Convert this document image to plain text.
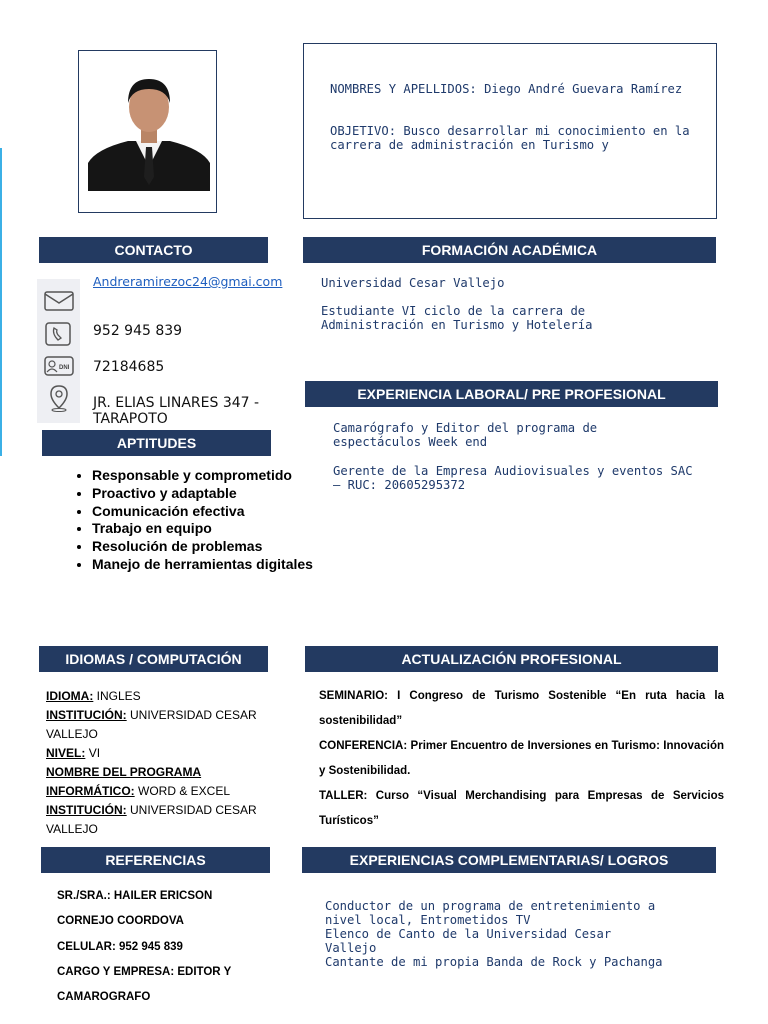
NOMBRES Y APELLIDOS: Diego André Guevara Ramírez
OBJETIVO: Busco desarrollar mi conocimiento en la carrera de administración en Turismo y
CONTACTO
DNI
Andreramirezoc24@gmai.com
952 945 839
72184685
JR. ELIAS LINARES 347 - TARAPOTO
FORMACIÓN ACADÉMICA
Universidad Cesar Vallejo
Estudiante VI ciclo de la carrera de Administración en Turismo y Hotelería
EXPERIENCIA LABORAL/ PRE PROFESIONAL
Camarógrafo y Editor del programa de espectáculos Week end
Gerente de la Empresa Audiovisuales y eventos SAC – RUC: 20605295372
APTITUDES
• Responsable y comprometido
• Proactivo y adaptable
• Comunicación efectiva
• Trabajo en equipo
• Resolución de problemas
• Manejo de herramientas digitales
IDIOMAS / COMPUTACIÓN
IDIOMA: INGLES
INSTITUCIÓN: UNIVERSIDAD CESAR VALLEJO
NIVEL: VI
NOMBRE DEL PROGRAMA
INFORMÁTICO: WORD & EXCEL
INSTITUCIÓN: UNIVERSIDAD CESAR VALLEJO
ACTUALIZACIÓN PROFESIONAL

SEMINARIO: I Congreso de Turismo Sostenible “En ruta hacia la sostenibilidad”

CONFERENCIA: Primer Encuentro de Inversiones en Turismo: Innovación y Sostenibilidad.

TALLER: Curso “Visual Merchandising para Empresas de Servicios Turísticos”

REFERENCIAS
SR./SRA.: HAILER ERICSON
CORNEJO COORDOVA
CELULAR: 952 945 839
CARGO Y EMPRESA: EDITOR Y
CAMAROGRAFO
EXPERIENCIAS COMPLEMENTARIAS/ LOGROS
Conductor de un programa de entretenimiento a nivel local, Entrometidos TV
Elenco de Canto de la Universidad Cesar Vallejo
Cantante de mi propia Banda de Rock y Pachanga
